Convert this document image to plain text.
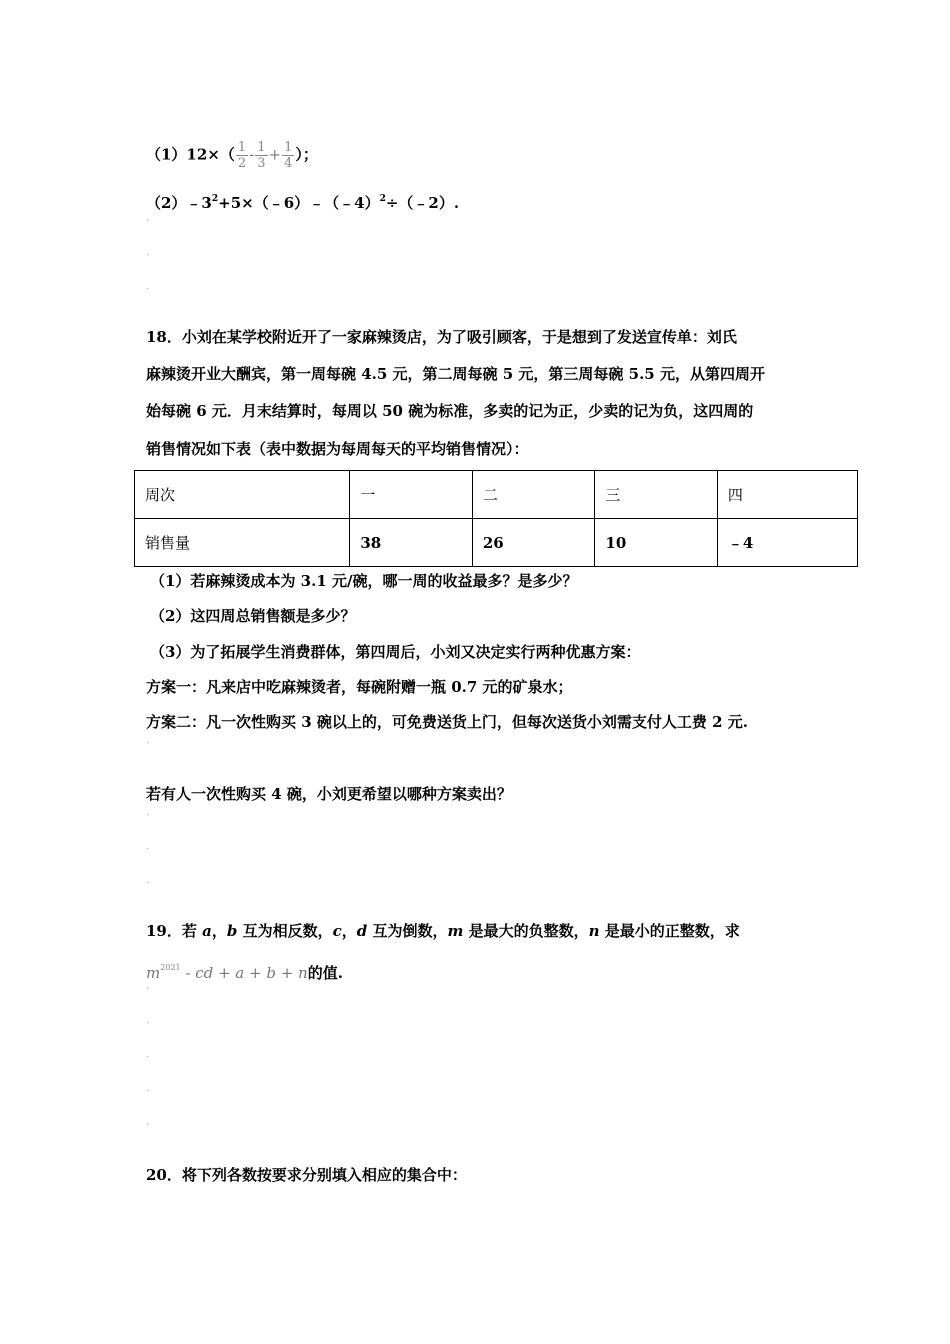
$(1)12\times( \frac{1}{2} - \frac{1}{3} + \frac{1}{4}$ ）；
$(2)﹣3^2+5\times(﹣6)﹣(﹣4)^2\div(﹣2)$.
.
.
.
18．小刘在某学校附近开了一家麻辣烫店，为了吸引顾客，于是想到了发送宣传单：刘氏
麻辣烫开业大酬宾，第一周每碗 4.5 元，第二周每碗 5 元，第三周每碗 5.5 元，从第四周开
始每碗 6 元．月末结算时，每周以 50 碗为标准，多卖的记为正，少卖的记为负，这四周的
销售情况如下表（表中数据为每周每天的平均销售情况）：
周次	一	二	三	四
销售量	38	26	10	﹣4
（1）若麻辣烫成本为 3.1 元/碗，哪一周的收益最多？是多少？
（2）这四周总销售额是多少？
（3）为了拓展学生消费群体，第四周后，小刘又决定实行两种优惠方案：
方案一：凡来店中吃麻辣烫者，每碗附赠一瓶 0.7 元的矿泉水；
方案二：凡一次性购买 3 碗以上的，可免费送货上门，但每次送货小刘需支付人工费 2 元.
.
若有人一次性购买 4 碗，小刘更希望以哪种方案卖出？
.
.
.
19．若 a，b 互为相反数，c，d 互为倒数，m 是最大的负整数，n 是最小的正整数，求
$m^{2021}$ - cd + a + b + n的值.
.
.
.
.
.
20．将下列各数按要求分别填入相应的集合中：
